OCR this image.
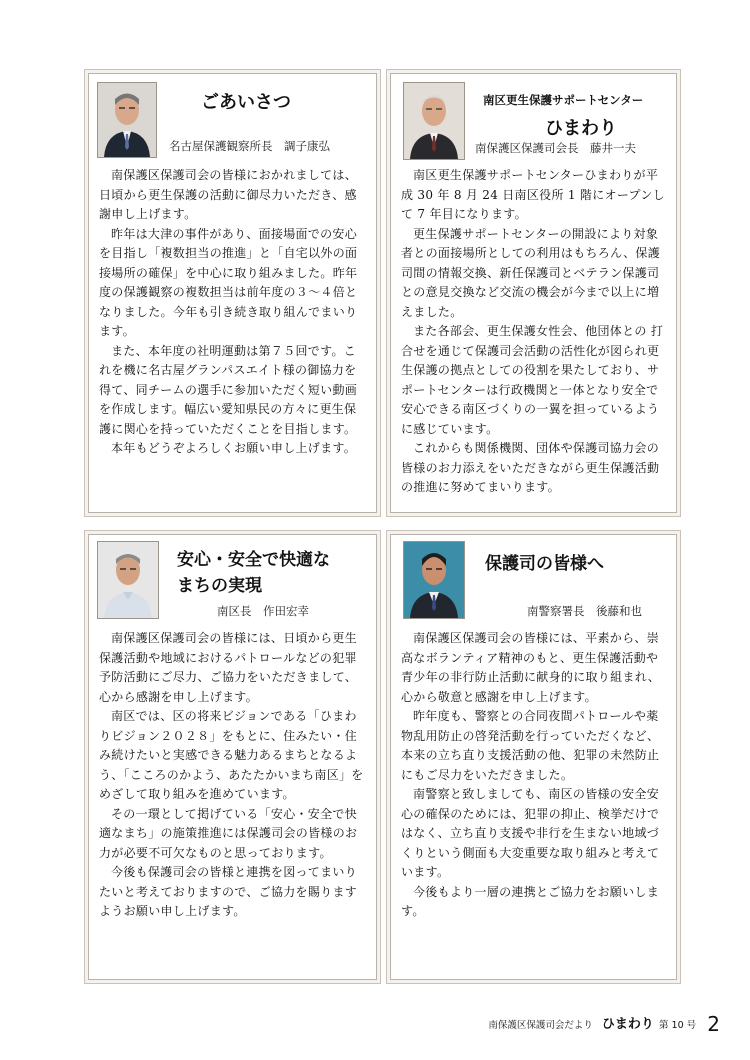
ごあいさつ
名古屋保護観察所長　調子康弘

南保護区保護司会の皆様におかれましては、日頃から更生保護の活動に御尽力いただき、感謝申し上げます。

昨年は大津の事件があり、面接場面での安心を目指し「複数担当の推進」と「自宅以外の面接場所の確保」を中心に取り組みました。昨年度の保護観察の複数担当は前年度の３～４倍となりました。今年も引き続き取り組んでまいります。

また、本年度の社明運動は第７５回です。これを機に名古屋グランパスエイト様の御協力を得て、同チームの選手に参加いただく短い動画を作成します。幅広い愛知県民の方々に更生保護に関心を持っていただくことを目指します。

本年もどうぞよろしくお願い申し上げます。

南区更生保護サポートセンター
ひまわり
南保護区保護司会長　藤井一夫

南区更生保護サポートセンターひまわりが平成 30 年 8 月 24 日南区役所 1 階にオープンして 7 年目になります。

更生保護サポートセンターの開設により対象者との面接場所としての利用はもちろん、保護司間の情報交換、新任保護司とベテラン保護司との意見交換など交流の機会が今まで以上に増えました。

また各部会、更生保護女性会、他団体との 打合せを通じて保護司会活動の活性化が図られ更生保護の拠点としての役割を果たしており、サポートセンターは行政機関と一体となり安全で安心できる南区づくりの一翼を担っているように感じています。

これからも関係機関、団体や保護司協力会の皆様のお力添えをいただきながら更生保護活動の推進に努めてまいります。

安心・安全で快適な
まちの実現
南区長　作田宏幸

南保護区保護司会の皆様には、日頃から更生保護活動や地域におけるパトロールなどの犯罪予防活動にご尽力、ご協力をいただきまして、心から感謝を申し上げます。

南区では、区の将来ビジョンである「ひまわりビジョン２０２８」をもとに、住みたい・住み続けたいと実感できる魅力あるまちとなるよう、「こころのかよう、あたたかいまち南区」をめざして取り組みを進めています。

その一環として掲げている「安心・安全で快適なまち」の施策推進には保護司会の皆様のお力が必要不可欠なものと思っております。

今後も保護司会の皆様と連携を図ってまいりたいと考えておりますので、ご協力を賜りますようお願い申し上げます。

保護司の皆様へ
南警察署長　後藤和也

南保護区保護司会の皆様には、平素から、崇高なボランティア精神のもと、更生保護活動や青少年の非行防止活動に献身的に取り組まれ、心から敬意と感謝を申し上げます。

昨年度も、警察との合同夜間パトロールや薬物乱用防止の啓発活動を行っていただくなど、本来の立ち直り支援活動の他、犯罪の未然防止にもご尽力をいただきました。

南警察と致しましても、南区の皆様の安全安心の確保のためには、犯罪の抑止、検挙だけではなく、立ち直り支援や非行を生まない地域づくりという側面も大変重要な取り組みと考えています。

今後もより一層の連携とご協力をお願いします。

南保護区保護司会だより ひまわり 第 10 号 2
